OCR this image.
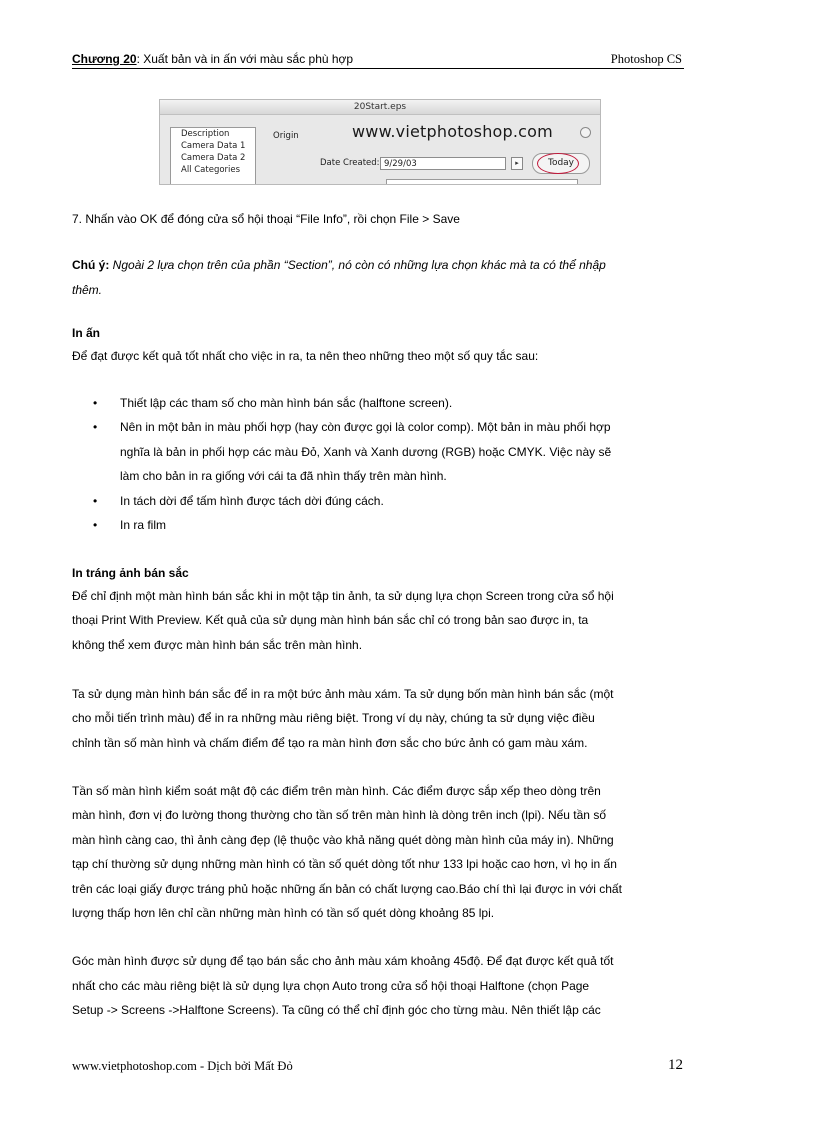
Chương 20: Xuất bản và in ấn với màu sắc phù hợp	Photoshop CS
20Start.eps
Description
Camera Data 1
Camera Data 2
All Categories
Origin	www.vietphotoshop.com
Date Created: 9/29/03	▸	Today
7. Nhấn vào OK để đóng cửa sổ hội thoại “File Info”, rồi chọn File > Save
Chú ý: Ngoài 2 lựa chọn trên của phần “Section”, nó còn có những lựa chọn khác mà ta có thể nhập
thêm.
In ấn
Để đạt được kết quả tốt nhất cho việc in ra, ta nên theo những theo một số quy tắc sau:
• Thiết lập các tham số cho màn hình bán sắc (halftone screen).
• Nên in một bản in màu phối hợp (hay còn được gọi là color comp). Một bản in màu phối hợp
nghĩa là bản in phối hợp các màu Đỏ, Xanh và Xanh dương (RGB) hoặc CMYK. Việc này sẽ
làm cho bản in ra giống với cái ta đã nhìn thấy trên màn hình.
• In tách dời để tấm hình được tách dời đúng cách.
• In ra film
In tráng ảnh bán sắc
Để chỉ định một màn hình bán sắc khi in một tập tin ảnh, ta sử dụng lựa chọn Screen trong cửa sổ hội
thoại Print With Preview. Kết quả của sử dụng màn hình bán sắc chỉ có trong bản sao được in, ta
không thể xem được màn hình bán sắc trên màn hình.
Ta sử dụng màn hình bán sắc để in ra một bức ảnh màu xám. Ta sử dụng bốn màn hình bán sắc (một
cho mỗi tiến trình màu) để in ra những màu riêng biệt. Trong ví dụ này, chúng ta sử dụng việc điều
chỉnh tần số màn hình và chấm điểm để tạo ra màn hình đơn sắc cho bức ảnh có gam màu xám.
Tần số màn hình kiểm soát mật độ các điểm trên màn hình. Các điểm được sắp xếp theo dòng trên
màn hình, đơn vị đo lường thong thường cho tần số trên màn hình là dòng trên inch (lpi). Nếu tần số
màn hình càng cao, thì ảnh càng đẹp (lệ thuộc vào khả năng quét dòng màn hình của máy in). Những
tạp chí thường sử dụng những màn hình có tần số quét dòng tốt như 133 lpi hoặc cao hơn, vì họ in ấn
trên các loại giấy được tráng phủ hoặc những ấn bản có chất lượng cao.Báo chí thì lại được in với chất
lượng thấp hơn lên chỉ cần những màn hình có tần số quét dòng khoảng 85 lpi.
Góc màn hình được sử dụng để tạo bán sắc cho ảnh màu xám khoảng 45độ. Để đạt được kết quả tốt
nhất cho các màu riêng biệt là sử dụng lựa chọn Auto trong cửa sổ hội thoại Halftone (chọn Page
Setup -> Screens ->Halftone Screens). Ta cũng có thể chỉ định góc cho từng màu. Nên thiết lập các
www.vietphotoshop.com - Dịch bởi Mất Đỏ	12
